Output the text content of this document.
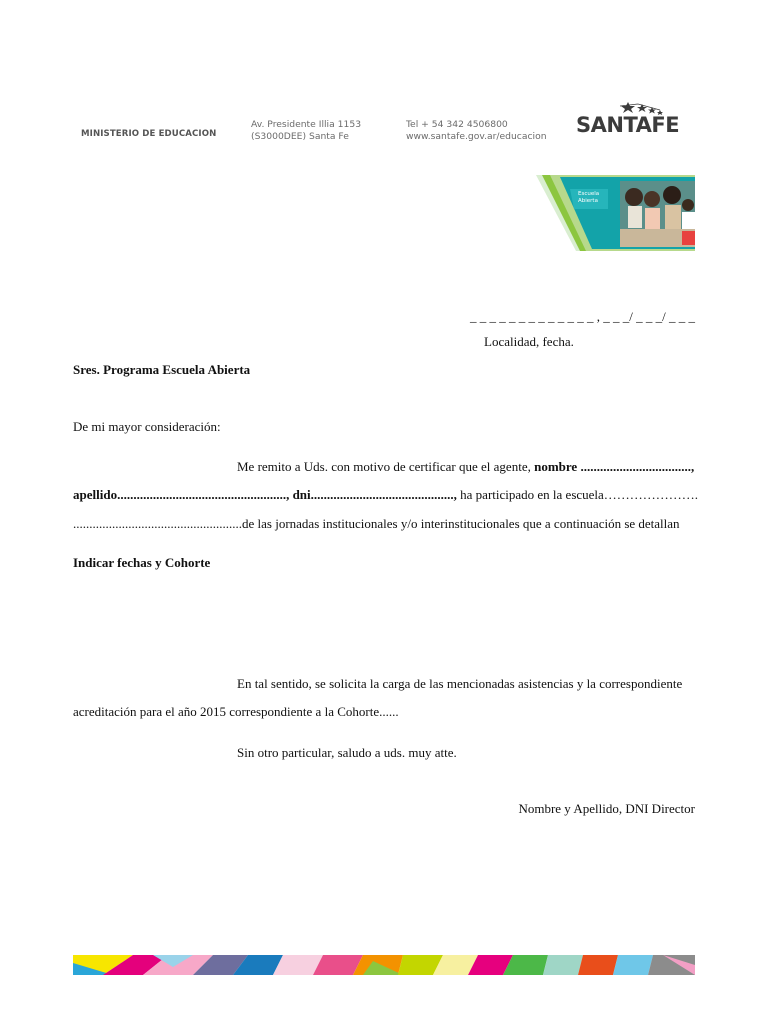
MINISTERIO DE EDUCACION
Av. Presidente Illia 1153
(S3000DEE) Santa Fe
Tel + 54 342 4506800
www.santafe.gov.ar/educacion SANTAFE
Escuela
Abierta
_ _ _ _ _ _ _ _ _ _ _ _ _ , _ _ _/ _ _ _/ _ _ _
Localidad, fecha.
Sres. Programa Escuela Abierta
De mi mayor consideración:
Me remito a Uds. con motivo de certificar que el agente, nombre ..................................,
apellido...................................................., dni............................................, ha participado en la escuela………………….
....................................................de las jornadas institucionales y/o interinstitucionales que a continuación se detallan
Indicar fechas y Cohorte
En tal sentido, se solicita la carga de las mencionadas asistencias y la correspondiente
acreditación para el año 2015 correspondiente a la Cohorte......
Sin otro particular, saludo a uds. muy atte.
Nombre y Apellido, DNI Director
